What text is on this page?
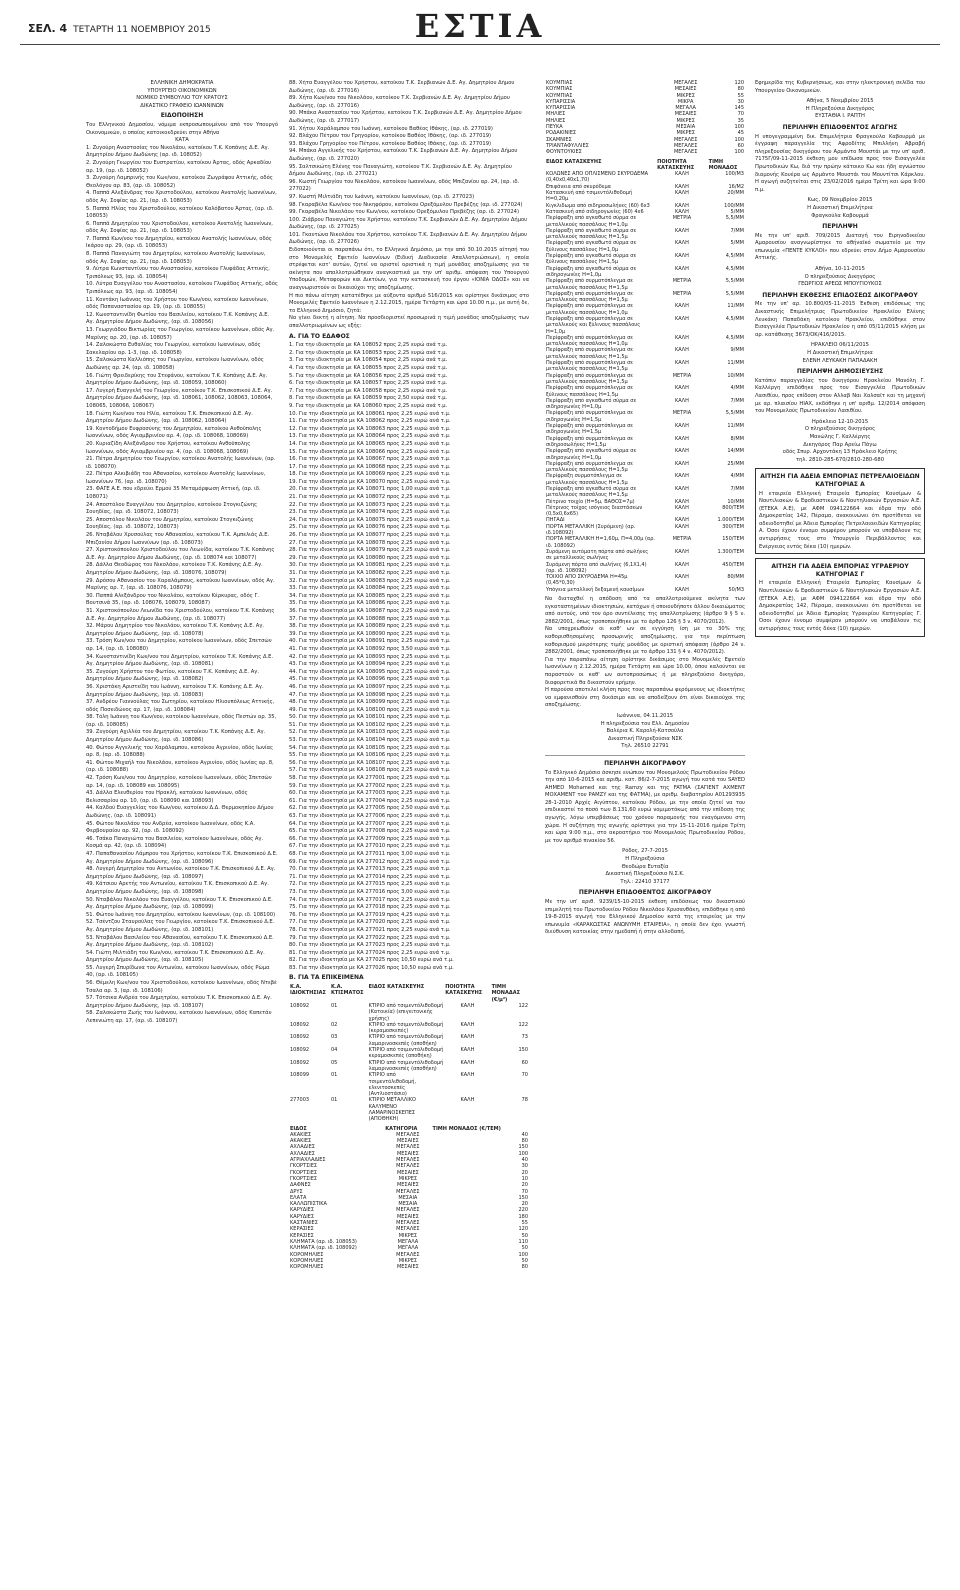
ΣΕΛ. 4 ΤΕΤΑΡΤΗ 11 ΝΟΕΜΒΡΙΟΥ 2015	ΕΣΤΙΑ
ΕΛΛΗΝΙΚΗ ΔΗΜΟΚΡΑΤΙΑ
ΥΠΟΥΡΓΕΙΟ ΟΙΚΟΝΟΜΙΚΩΝ
ΝΟΜΙΚΟ ΣΥΜΒΟΥΛΙΟ ΤΟΥ ΚΡΑΤΟΥΣ
ΔΙΚΑΣΤΙΚΟ ΓΡΑΦΕΙΟ ΙΩΑΝΝΙΝΩΝ
ΕΙΔΟΠΟΙΗΣΗ

Του Ελληνικού Δημοσίου, νόμιμα εκπροσωπουμένου από τον Υπουργό Οικονομικών, ο οποίος κατοικοεδρεύει στην Αθήνα

ΚΑΤΑ
1. Ζυγούρη Αναστασίας του Νικολάου, κατοίκου Τ.Κ. Κοπάνης Δ.Ε. Αγ. Δημητρίου Δήμου Δωδώνης (αρ. ιδ. 108052)
2. Ζυγούρη Γεωργίου του Ευστρατίου, κατοίκου Άρτας, οδός Αρκαδίου αρ. 19, (αρ. ιδ. 108052)
3. Ζυγούρη Λαμπρινής του Κων/νου, κατοίκου Ζωγράφου Αττικής, οδός Θεολόγου αρ. 83, (αρ. ιδ. 108052)
4. Παππά Αλεξάνδρας του Χριστοδούλου, κατοίκου Ανατολής Ιωαννίνων, οδός Αγ. Σοφίας αρ. 21, (αρ. ιδ. 108053)
5. Παππά Ηλίας του Χριστοδούλου, κατοίκου Καλόβατου Άρτας, (αρ. ιδ. 108053)
6. Παππά Δημητρίου του Χριστοδούλου, κατοίκου Ανατολής Ιωαννίνων, οδός Αγ. Σοφίας αρ. 21, (αρ. ιδ. 108053)
7. Παππά Κων/νου του Δημητρίου, κατοίκου Ανατολής Ιωαννίνων, οδός Ικάρου αρ. 29, (αρ. ιδ. 108053)
8. Παππά Παναγιώτη του Δημητρίου, κατοίκου Ανατολής Ιωαννίνων, οδός Αγ. Σοφίας αρ. 21, (αρ. ιδ. 108053)
9. Λύτρα Κωνσταντίνου του Αναστασίου, κατοίκου Γλυφάδας Αττικής, Τριπόλεως 93, (αρ. ιδ. 108054)
10. Λύτρα Ευαγγέλου του Αναστασίου, κατοίκου Γλυφάδας Αττικής, οδός Τριπόλεως αρ. 93, (αρ. ιδ. 108054)
11. Κοντάκη Ιωάννας του Χρήστου του Κων/νου, κατοίκου Ιωαννίνων, οδός Παπαναστασίου αρ. 19, (αρ. ιδ. 108055)
12. Κωνσταντινίδη Φωτίου του Βασιλείου, κατοίκου Τ.Κ. Κοπάνης Δ.Ε. Αγ. Δημητρίου Δήμου Δωδώνης, (αρ. ιδ. 108056)
13. Γεωργιάδου Βικτωρίας του Γεωργίου, κατοίκου Ιωαννίνων, οδός Αγ. Μαρίνης αρ. 20, (αρ. ιδ. 108057)
14. Ζαλοκώστα Ευθαλίας του Γεωργίου, κατοίκου Ιωαννίνων, οδός Σακελαρίου αρ. 1-3, (αρ. ιδ. 108058)
15. Ζαλοκώστα Καλλιόπης του Γεωργίου, κατοίκου Ιωαννίνων, οδός Δωδώνης αρ. 24, (αρ. ιδ. 108058)
16. Γιώτη Φρειδερίκης του Στεφάνου, κατοίκου Τ.Κ. Κοπάνης Δ.Ε. Αγ. Δημητρίου Δήμου Δωδώνης, (αρ. ιδ. 108059, 108060)
17. Λυγερή Ευαγγελή του Γεωργίου, κατοίκου Τ.Κ. Επισκοπικού Δ.Ε. Αγ. Δημητρίου Δήμου Δωδώνης, (αρ. ιδ. 108061, 108062, 108063, 108064, 108065, 108066, 108067)
18. Γιώτη Κων/νου του Ηλία, κατοίκου Τ.Κ. Επισκοπικού Δ.Ε. Αγ. Δημητρίου Δήμου Δωδώνης, (αρ. ιδ. 108062, 108064)
19. Κοντοδήμου Ευφροσύνης του Δημητρίου, κατοίκου Ανθοῦπολης Ιωαννίνων, οδός Αγιαμβρινίου αρ. 4, (αρ. ιδ. 108068, 108069)
20. Κυριαζίδη Αλεξάνδρου του Χρήστου, κατοίκου Ανθοῦπολης Ιωαννίνων, οδός Αγιαμβρινίου αρ. 4, (αρ. ιδ. 108068, 108069)
21. Πέτρα Δημητρίου του Γεωργίου, κατοίκου Ανατολής Ιωαννίνων, (αρ. ιδ. 108070)
22. Πέτρα Αλκιβιάδη του Αθανασίου, κατοίκου Ανατολής Ιωαννίνων, Ιωαννίνων 76, (αρ. ιδ. 108070)
23. ΦΑΓΕ Α.Ε. που εδρεύει Ερμού 35 Μεταμόρφωση Αττική, (αρ. ιδ. 108071)
24. Αποστόλου Ευαγγέλου του Δημητρίου, κατοίκου Στογκιζώνης Σουηδίας, (αρ. ιδ. 108072, 108073)
25. Αποστόλου Νικολάου του Δημητρίου, κατοίκου Στογκιζώνης Σουηδίας, (αρ. ιδ. 108072, 108073)
26. Νταβάλου Χρυσούλας του Αθανασίου, κατοίκου Τ.Κ. Αμπελιάς Δ.Ε. Μπιζανίου Δήμου Ιωαννίνων (αρ. ιδ. 108073)
27. Χριστοκόπουλου Χριστοδούλου του Λεωνίδα, κατοίκου Τ.Κ. Κοπάνης Δ.Ε. Αγ. Δημητρίου Δήμου Δωδώνης, (αρ. ιδ. 108074 και 108077)
28. Δάλλα Θεοδώρας του Νικολάου, κατοίκου Τ.Κ. Κοπάνης Δ.Ε. Αγ. Δημητρίου Δήμου Δωδώνης, (αρ. ιδ. 108076, 108079)
29. Δρόσου Αθανασίου του Χαραλάμπους, κατοίκου Ιωαννίνων, οδός Αγ. Μαρίνης αρ. 7, (αρ. ιδ. 108076, 108079)
30. Παππά Αλεξάνδρου του Νικολάου, κατοίκου Κέρκυρας, οδός Γ. Βουτσινά 35, (αρ. ιδ. 108076, 108079, 108087)
31. Χριστοκόπουλου Λεωνίδα του Χριστοδούλου, κατοίκου Τ.Κ. Κοπάνης Δ.Ε. Αγ. Δημητρίου Δήμου Δωδώνης, (αρ. ιδ. 108077)
32. Μάρου Δημητρίου του Νικολάου, κατοίκου Τ.Κ. Κοπάνης Δ.Ε. Αγ. Δημητρίου Δήμου Δωδώνης, (αρ. ιδ. 108078)
33. Τρόση Κων/νου του Δημητρίου, κατοίκου Ιωαννίνων, οδός Σπετσών αρ. 14, (αρ. ιδ. 108080)
34. Κωνσταντινίδη Κων/νου του Δημητρίου, κατοίκου Τ.Κ. Κοπάνης Δ.Ε. Αγ. Δημητρίου Δήμου Δωδώνης, (αρ. ιδ. 108081)
35. Ζυγούρη Χρήστου του Φωτίου, κατοίκου Τ.Κ. Κοπάνης Δ.Ε. Αγ. Δημητρίου Δήμου Δωδώνης, (αρ. ιδ. 108082)
36. Χριστάκη Αριστείδη του Ιωάννη, κατοίκου Τ.Κ. Κοπάνης Δ.Ε. Αγ. Δημητρίου Δήμου Δωδώνης, (αρ. ιδ. 108083)
37. Ανδρέου Γιαννούλας του Σωτηρίου, κατοίκου Ηλιουπόλεως Αττικής, οδός Ποσειδώνος αρ. 17, (αρ. ιδ. 108084)
38. Τόλη Ιωάννη του Κων/νου, κατοίκου Ιωαννίνων, οδός Πεστών αρ. 35, (αρ. ιδ. 108085)
39. Ζυγούρη Αχιλλέα του Δημητρίου, κατοίκου Τ.Κ. Κοπάνης Δ.Ε. Αγ. Δημητρίου Δήμου Δωδώνης, (αρ. ιδ. 108086)
40. Φώτου Αγγελικής του Χαράλαμπου, κατοίκου Αγρινίου, οδός Ιωνίας αρ. 8, (αρ. ιδ. 108088)
41. Φώτου Μιχαήλ του Νικολάου, κατοίκου Αγρινίου, οδός Ιωνίας αρ. 8, (αρ. ιδ. 108088)
42. Τρόση Κων/νου του Δημητρίου, κατοίκου Ιωαννίνων, οδός Σπετσών αρ. 14, (αρ. ιδ. 108089 και 108095)
43. Δάλλα Ελευθερίου του Ηρακλή, κατοίκου Ιωαννίνων, οδός Βελισσαρίου αρ. 10, (αρ. ιδ. 108090 και 108093)
44. Καλδού Ευαγγελίας του Κων/νου, κατοίκου Δ.Δ. Θερμοκηπίου Δήμου Δωδώνης, (αρ. ιδ. 108091)
45. Φώτου Νικολάου του Ανδρέα, κατοίκου Ιωαννίνων, οδός Κ.Α. Φερβουραίου αρ. 92, (αρ. ιδ. 108092)
46. Τσάκα Παναγιώτα του Βασιλείου, κατοίκου Ιωαννίνων, οδός Αγ. Κοσμά αρ. 42, (αρ. ιδ. 108094)
47. Παπαθανασίου Λάμπρου του Χρήστου, κατοίκου Τ.Κ. Επισκοπικού Δ.Ε. Αγ. Δημητρίου Δήμου Δωδώνης, (αρ. ιδ. 108096)
48. Λυγερή Δημητρίου του Αντωνίου, κατοίκου Τ.Κ. Επισκοπικού Δ.Ε. Αγ. Δημητρίου Δήμου Δωδώνης, (αρ. ιδ. 108097)
49. Κάτσιου Αρετής του Αντωνίου, κατοίκου Τ.Κ. Επισκοπικού Δ.Ε. Αγ. Δημητρίου Δήμου Δωδώνης, (αρ. ιδ. 108098)
50. Νταβάλου Νικολάου του Ευαγγέλου, κατοίκου Τ.Κ. Επισκοπικού Δ.Ε. Αγ. Δημητρίου Δήμου Δωδώνης, (αρ. ιδ. 108099)
51. Φώτου Ιωάννη του Δημητρίου, κατοίκου Ιωαννίνων, (αρ. ιδ. 108100)
52. Τσέντζου Σταυρούλας του Γεωργίου, κατοίκου Τ.Κ. Επισκοπικού Δ.Ε. Αγ. Δημητρίου Δήμου Δωδώνης, (αρ. ιδ. 108101)
53. Νταβάλου Βασιλείου του Αθανασίου, κατοίκου Τ.Κ. Επισκοπικού Δ.Ε. Αγ. Δημητρίου Δήμου Δωδώνης, (αρ. ιδ. 108102)
54. Γιώτη Μιλτιάδη του Κων/νου, κατοίκου Τ.Κ. Επισκοπικού Δ.Ε. Αγ. Δημητρίου Δήμου Δωδώνης, (αρ. ιδ. 108105)
55. Λυγερή Σπυρίδωνα του Αντωνίου, κατοίκου Ιωαννίνων, οδός Ρώμα 40, (αρ. ιδ. 108105)
56. Θέμελη Κων/νου του Χριστοδούλου, κατοίκου Ιωαννίνων, οδός Ντεβέ Τσαλα αρ. 3, (αρ. ιδ. 108106)
57. Τότσικα Ανδρέα του Δημητρίου, κατοίκου Τ.Κ. Επισκοπικού Δ.Ε. Αγ. Δημητρίου Δήμου Δωδώνης, (αρ. ιδ. 108107)
58. Ζαλοκώστα Ζωής του Ιωάννου, κατοίκου Ιωαννίνων, οδός Καπετάν Λεπενιώτη αρ. 17, (αρ. ιδ. 108107)
88. Χήτα Ευαγγέλου του Χρήστου, κατοίκου Τ.Κ. Σερβιανών Δ.Ε. Αγ. Δημητρίου Δήμου Δωδώνης, (αρ. ιδ. 277016)
89. Χήτα Κων/νου του Νικολάου, κατοίκου Τ.Κ. Σερβιανών Δ.Ε. Αγ. Δημητρίου Δήμου Δωδώνης, (αρ. ιδ. 277016)
90. Μπάκα Αναστασίου του Χρήστου, κατοίκου Τ.Κ. Σερβιανών Δ.Ε. Αγ. Δημητρίου Δήμου Δωδώνης, (αρ. ιδ. 277017)
91. Χήτου Χαράλαμπου του Ιωάννη, κατοίκου Βαθέος Ιθάκης, (αρ. ιδ. 277019)
92. Βλάχου Πέτρου του Γρηγορίου, κατοίκου Βαθέος Ιθάκης, (αρ. ιδ. 277019)
93. Βλάχου Γρηγορίου του Πέτρου, κατοίκου Βαθέος Ιθάκης, (αρ. ιδ. 277019)
94. Μπάκα Αγγελικής του Χρήστου, κατοίκου Τ.Κ. Σερβιανών Δ.Ε. Αγ. Δημητρίου Δήμου Δωδώνης, (αρ. ιδ. 277020)
95. Σαλτσικώτη Ελένης του Παναγιώτη, κατοίκου Τ.Κ. Σερβιανών Δ.Ε. Αγ. Δημητρίου Δήμου Δωδώνης, (αρ. ιδ. 277021)
96. Κωστή Γεωργίου του Νικολάου, κατοίκου Ιωαννίνων, οδός Μπιζανίου αρ. 24, (αρ. ιδ. 277022)
97. Κωστή Μιλτιάδη του Ιωάννη, κατοίκου Ιωαννίνων, (αρ. ιδ. 277023)
98. Γκαραβέλα Κων/νου του Νικηφόρου, κατοίκου Ορεξόμυλου Πρεβέζης (αρ. ιδ. 277024)
99. Γκαραβέλα Νικολάου του Κων/νου, κατοίκου Ορεξόμυλου Πρεβέζης (αρ. ιδ. 277024)
100. Ζιάβρου Παναγιώτη του Χρήστου, κατοίκου Τ.Κ. Σερβιανών Δ.Ε. Αγ. Δημητρίου Δήμου Δωδώνης, (αρ. ιδ. 277025)
101. Γκαντώνα Νικολάου του Χρήστου, κατοίκου Τ.Κ. Σερβιανών Δ.Ε. Αγ. Δημητρίου Δήμου Δωδώνης, (αρ. ιδ. 277026)

Ειδοποιούνται οι παραπάνω ότι, το Ελληνικό Δημόσιο, με την από 30.10.2015 αίτησή του στο Μονομελές Εφετείο Ιωαννίνων (Ειδική Διαδικασία Απαλλοτριώσεων), η οποία στρέφεται κατ' αυτών, ζητεί να οριστεί οριστικά η τιμή μονάδας αποζημίωσης για τα ακίνητα που απαλλοτριώθηκαν αναγκαστικά με την υπ' αριθμ. απόφαση του Υπουργού Υποδομών, Μεταφορών και Δικτύων, για την κατασκευή του έργου «ΙΟΝΙΑ ΟΔΟΣ» και να αναγνωριστούν οι δικαιούχοι της αποζημίωσης.

Η πιο πάνω αίτηση κατατέθηκε με αύξοντα αριθμό 516/2015 και ορίστηκε δικάσιμος στο Μονομελές Εφετείο Ιωαννίνων η 2.12.2015, ημέρα Τετάρτη και ώρα 10.00 π.μ., με αυτή δε, το Ελληνικό Δημόσιο, ζητά:

Να γίνει δεκτή η αίτηση. Να προσδιοριστεί προσωρινά η τιμή μονάδος αποζημίωσης των απαλλοτριωμένων ως εξής:

Α. ΓΙΑ ΤΟ ΕΔΑΦΟΣ
1. Για την ιδιοκτησία με ΚΑ 108052 προς 2,25 ευρώ ανά τ.μ.
2. Για την ιδιοκτησία με ΚΑ 108053 προς 2,25 ευρώ ανά τ.μ.
3. Για την ιδιοκτησία με ΚΑ 108054 προς 2,25 ευρώ ανά τ.μ.
4. Για την ιδιοκτησία με ΚΑ 108055 προς 2,25 ευρώ ανά τ.μ.
5. Για την ιδιοκτησία με ΚΑ 108056 προς 2,25 ευρώ ανά τ.μ.
6. Για την ιδιοκτησία με ΚΑ 108057 προς 2,25 ευρώ ανά τ.μ.
7. Για την ιδιοκτησία με ΚΑ 108058 προς 2,25 ευρώ ανά τ.μ.
8. Για την ιδιοκτησία με ΚΑ 108059 προς 2,50 ευρώ ανά τ.μ.
9. Για την ιδιοκτησία με ΚΑ 108060 προς 2,25 ευρώ ανά τ.μ.
10. Για την ιδιοκτησία με ΚΑ 108061 προς 2,25 ευρώ ανά τ.μ.
11. Για την ιδιοκτησία με ΚΑ 108062 προς 2,25 ευρώ ανά τ.μ.
12. Για την ιδιοκτησία με ΚΑ 108063 προς 2,25 ευρώ ανά τ.μ.
13. Για την ιδιοκτησία με ΚΑ 108064 προς 2,25 ευρώ ανά τ.μ.
14. Για την ιδιοκτησία με ΚΑ 108065 προς 2,25 ευρώ ανά τ.μ.
15. Για την ιδιοκτησία με ΚΑ 108066 προς 2,25 ευρώ ανά τ.μ.
16. Για την ιδιοκτησία με ΚΑ 108067 προς 2,25 ευρώ ανά τ.μ.
17. Για την ιδιοκτησία με ΚΑ 108068 προς 2,25 ευρώ ανά τ.μ.
18. Για την ιδιοκτησία με ΚΑ 108069 προς 2,25 ευρώ ανά τ.μ.
19. Για την ιδιοκτησία με ΚΑ 108070 προς 2,25 ευρώ ανά τ.μ.
20. Για την ιδιοκτησία με ΚΑ 108071 προς 1,00 ευρώ ανά τ.μ.
21. Για την ιδιοκτησία με ΚΑ 108072 προς 2,25 ευρώ ανά τ.μ.
22. Για την ιδιοκτησία με ΚΑ 108073 προς 2,25 ευρώ ανά τ.μ.
23. Για την ιδιοκτησία με ΚΑ 108074 προς 2,25 ευρώ ανά τ.μ.
24. Για την ιδιοκτησία με ΚΑ 108075 προς 2,25 ευρώ ανά τ.μ.
25. Για την ιδιοκτησία με ΚΑ 108076 προς 2,25 ευρώ ανά τ.μ.
26. Για την ιδιοκτησία με ΚΑ 108077 προς 2,25 ευρώ ανά τ.μ.
27. Για την ιδιοκτησία με ΚΑ 108078 προς 2,25 ευρώ ανά τ.μ.
28. Για την ιδιοκτησία με ΚΑ 108079 προς 2,25 ευρώ ανά τ.μ.
29. Για την ιδιοκτησία με ΚΑ 108080 προς 2,25 ευρώ ανά τ.μ.
30. Για την ιδιοκτησία με ΚΑ 108081 προς 2,25 ευρώ ανά τ.μ.
31. Για την ιδιοκτησία με ΚΑ 108082 προς 2,25 ευρώ ανά τ.μ.
32. Για την ιδιοκτησία με ΚΑ 108083 προς 2,25 ευρώ ανά τ.μ.
33. Για την ιδιοκτησία με ΚΑ 108084 προς 2,25 ευρώ ανά τ.μ.
34. Για την ιδιοκτησία με ΚΑ 108085 προς 2,25 ευρώ ανά τ.μ.
35. Για την ιδιοκτησία με ΚΑ 108086 προς 2,25 ευρώ ανά τ.μ.
36. Για την ιδιοκτησία με ΚΑ 108087 προς 2,25 ευρώ ανά τ.μ.
37. Για την ιδιοκτησία με ΚΑ 108088 προς 2,25 ευρώ ανά τ.μ.
38. Για την ιδιοκτησία με ΚΑ 108089 προς 2,25 ευρώ ανά τ.μ.
39. Για την ιδιοκτησία με ΚΑ 108090 προς 2,25 ευρώ ανά τ.μ.
40. Για την ιδιοκτησία με ΚΑ 108091 προς 2,25 ευρώ ανά τ.μ.
41. Για την ιδιοκτησία με ΚΑ 108092 προς 3,50 ευρώ ανά τ.μ.
42. Για την ιδιοκτησία με ΚΑ 108093 προς 2,25 ευρώ ανά τ.μ.
43. Για την ιδιοκτησία με ΚΑ 108094 προς 2,25 ευρώ ανά τ.μ.
44. Για την ιδιοκτησία με ΚΑ 108095 προς 2,25 ευρώ ανά τ.μ.
45. Για την ιδιοκτησία με ΚΑ 108096 προς 2,25 ευρώ ανά τ.μ.
46. Για την ιδιοκτησία με ΚΑ 108097 προς 2,25 ευρώ ανά τ.μ.
47. Για την ιδιοκτησία με ΚΑ 108098 προς 2,25 ευρώ ανά τ.μ.
48. Για την ιδιοκτησία με ΚΑ 108099 προς 2,25 ευρώ ανά τ.μ.
49. Για την ιδιοκτησία με ΚΑ 108100 προς 2,25 ευρώ ανά τ.μ.
50. Για την ιδιοκτησία με ΚΑ 108101 προς 2,25 ευρώ ανά τ.μ.
51. Για την ιδιοκτησία με ΚΑ 108102 προς 2,25 ευρώ ανά τ.μ.
52. Για την ιδιοκτησία με ΚΑ 108103 προς 2,25 ευρώ ανά τ.μ.
53. Για την ιδιοκτησία με ΚΑ 108104 προς 2,25 ευρώ ανά τ.μ.
54. Για την ιδιοκτησία με ΚΑ 108105 προς 2,25 ευρώ ανά τ.μ.
55. Για την ιδιοκτησία με ΚΑ 108106 προς 2,25 ευρώ ανά τ.μ.
56. Για την ιδιοκτησία με ΚΑ 108107 προς 2,25 ευρώ ανά τ.μ.
57. Για την ιδιοκτησία με ΚΑ 108108 προς 2,25 ευρώ ανά τ.μ.
58. Για την ιδιοκτησία με ΚΑ 277001 προς 2,25 ευρώ ανά τ.μ.
59. Για την ιδιοκτησία με ΚΑ 277002 προς 2,25 ευρώ ανά τ.μ.
60. Για την ιδιοκτησία με ΚΑ 277003 προς 2,25 ευρώ ανά τ.μ.
61. Για την ιδιοκτησία με ΚΑ 277004 προς 2,25 ευρώ ανά τ.μ.
62. Για την ιδιοκτησία με ΚΑ 277005 προς 2,50 ευρώ ανά τ.μ.
63. Για την ιδιοκτησία με ΚΑ 277006 προς 2,25 ευρώ ανά τ.μ.
64. Για την ιδιοκτησία με ΚΑ 277007 προς 2,25 ευρώ ανά τ.μ.
65. Για την ιδιοκτησία με ΚΑ 277008 προς 2,25 ευρώ ανά τ.μ.
66. Για την ιδιοκτησία με ΚΑ 277009 προς 2,25 ευρώ ανά τ.μ.
67. Για την ιδιοκτησία με ΚΑ 277010 προς 2,25 ευρώ ανά τ.μ.
68. Για την ιδιοκτησία με ΚΑ 277011 προς 3,00 ευρώ ανά τ.μ.
69. Για την ιδιοκτησία με ΚΑ 277012 προς 2,25 ευρώ ανά τ.μ.
70. Για την ιδιοκτησία με ΚΑ 277013 προς 2,25 ευρώ ανά τ.μ.
71. Για την ιδιοκτησία με ΚΑ 277014 προς 2,25 ευρώ ανά τ.μ.
72. Για την ιδιοκτησία με ΚΑ 277015 προς 2,25 ευρώ ανά τ.μ.
73. Για την ιδιοκτησία με ΚΑ 277016 προς 3,00 ευρώ ανά τ.μ.
74. Για την ιδιοκτησία με ΚΑ 277017 προς 2,25 ευρώ ανά τ.μ.
75. Για την ιδιοκτησία με ΚΑ 277018 προς 2,25 ευρώ ανά τ.μ.
76. Για την ιδιοκτησία με ΚΑ 277019 προς 4,25 ευρώ ανά τ.μ.
77. Για την ιδιοκτησία με ΚΑ 277020 προς 2,25 ευρώ ανά τ.μ.
78. Για την ιδιοκτησία με ΚΑ 277021 προς 2,25 ευρώ ανά τ.μ.
79. Για την ιδιοκτησία με ΚΑ 277022 προς 2,25 ευρώ ανά τ.μ.
80. Για την ιδιοκτησία με ΚΑ 277023 προς 2,25 ευρώ ανά τ.μ.
81. Για την ιδιοκτησία με ΚΑ 277024 προς 2,25 ευρώ ανά τ.μ.
82. Για την ιδιοκτησία με ΚΑ 277025 προς 10,50 ευρώ ανά τ.μ.
83. Για την ιδιοκτησία με ΚΑ 277026 προς 10,50 ευρώ ανά τ.μ.
Β. ΓΙΑ ΤΑ ΕΠΙΚΕΙΜΕΝΑ
Κ.Α. ΙΔΙΟΚΤΗΣΙΑΣ	Κ.Α. ΚΤΙΣΜΑΤΟΣ	ΕΙΔΟΣ ΚΑΤΑΣΚΕΥΗΣ	ΠΟΙΟΤΗΤΑ ΚΑΤΑΣΚΕΥΗΣ	ΤΙΜΗ ΜΟΝΑΔΑΣ (€/μ²)
108092	01	ΚΤΙΡΙΟ από τσιμεντόλιθοδομή (Κατοικία) (επιγειτονικής χρήσης)	ΚΑΛΗ	122
108092	02	ΚΤΙΡΙΟ από τσιμεντόλιθοδομή (κεραμοσκεπές)	ΚΑΛΗ	122
108092	03	ΚΤΙΡΙΟ από τσιμεντόλιθοδομή λαμαρινοσκεπές (αποθήκη)	ΚΑΛΗ	73
108092	04	ΚΤΙΡΙΟ από τσιμεντόλιθοδομή κεραμοσκεπές (αποθήκη)	ΚΑΛΗ	150
108092	05	ΚΤΙΡΙΟ από τσιμεντόλιθοδομή λαμαρινοσκεπές (αποθήκη)	ΚΑΛΗ	60
108099	01	ΚΤΙΡΙΟ από τσιμεντόλιθοδομή, ελενιτοσκεπές (Αντλιοστάσιο)	ΚΑΛΗ	70
277003	01	ΚΤΙΡΙΟ ΜΕΤΑΛΛΙΚΟ ΚΑΛΥΜΕΝΟ ΛΑΜΑΡΙΝΟΣΚΕΠΕΣ (ΑΠΟΘΗΚΗ)	ΚΑΛΗ	78
ΕΙΔΟΣ	ΚΑΤΗΓΟΡΙΑ	ΤΙΜΗ ΜΟΝΑΔΟΣ (€/ΤΕΜ)
ΑΚΑΚΙΕΣ	ΜΕΓΑΛΕΣ	40
ΑΚΑΚΙΕΣ	ΜΕΣΑΙΕΣ	80
ΑΧΛΑΔΙΕΣ	ΜΕΓΑΛΕΣ	150
ΑΧΛΑΔΙΕΣ	ΜΕΣΑΙΕΣ	100
ΑΓΡΙΑΧΛΑΔΙΕΣ	ΜΕΓΑΛΕΣ	40
ΓΚΟΡΤΣΙΕΣ	ΜΕΓΑΛΕΣ	30
ΓΚΟΡΤΣΙΕΣ	ΜΕΣΑΙΕΣ	20
ΓΚΟΡΤΣΙΕΣ	ΜΙΚΡΕΣ	10
ΔΑΦΝΕΣ	ΜΕΣΑΙΕΣ	20
ΔΡΥΣ	ΜΕΓΑΛΕΣ	70
ΕΛΑΤΑ	ΜΕΣΑΙΑ	150
ΚΑΛΛΩΠΙΣΤΙΚΑ	ΜΕΣΑΙΑ	20
ΚΑΡΥΔΙΕΣ	ΜΕΓΑΛΕΣ	220
ΚΑΡΥΔΙΕΣ	ΜΕΣΑΙΕΣ	180
ΚΑΣΤΑΝΙΕΣ	ΜΕΓΑΛΕΣ	55
ΚΕΡΑΣΙΕΣ	ΜΕΓΑΛΕΣ	120
ΚΕΡΑΣΙΕΣ	ΜΙΚΡΕΣ	50
ΚΛΗΜΑΤΑ (αρ. ιδ. 108053)	ΜΕΓΑΛΑ	110
ΚΛΗΜΑΤΑ (αρ. ιδ. 108092)	ΜΕΓΑΛΑ	50
ΚΟΡΟΜΗΛΙΕΣ	ΜΕΓΑΛΕΣ	100
ΚΟΡΟΜΗΛΙΕΣ	ΜΙΚΡΕΣ	50
ΚΟΡΟΜΗΛΙΕΣ	ΜΕΣΑΙΕΣ	80
ΚΟΥΜΠΙΑΣ	ΜΕΓΑΛΕΣ	120
ΚΟΥΜΠΙΑΣ	ΜΕΣΑΙΕΣ	80
ΚΟΥΜΠΙΑΣ	ΜΙΚΡΕΣ	55
ΚΥΠΑΡΙΣΣΙΑ	ΜΙΚΡΑ	30
ΚΥΠΑΡΙΣΣΙΑ	ΜΕΓΑΛΑ	145
ΜΗΛΙΕΣ	ΜΕΣΑΙΕΣ	70
ΜΗΛΙΕΣ	ΜΙΚΡΕΣ	35
ΠΕΥΚΑ	ΜΕΣΑΙΑ	100
ΡΟΔΑΚΙΝΙΕΣ	ΜΙΚΡΕΣ	45
ΣΚΑΜΝΙΕΣ	ΜΕΓΑΛΕΣ	100
ΤΡΙΑΝΤΑΦΥΛΛΙΕΣ	ΜΕΓΑΛΕΣ	60
ΦΟΥΝΤΟΥΚΙΕΣ	ΜΕΓΑΛΕΣ	100
ΕΙΔΟΣ ΚΑΤΑΣΚΕΥΗΣ	ΠΟΙΟΤΗΤΑ ΚΑΤΑΣΚΕΥΗΣ	ΤΙΜΗ ΜΟΝΑΔΟΣ
ΚΟΛΩΝΕΣ ΑΠΟ ΟΠΛΙΣΜΕΝΟ ΣΚΥΡΟΔΕΜΑ (0,40x0,40x1,70)	ΚΑΛΗ	100/Μ3
Επιφάνεια από σκυρόδεμα	ΚΑΛΗ	16/Μ2
Κατασκευή από τσιμεντόλιθοδομή Η=0,20μ	ΚΑΛΗ	20/ΜΜ
Κιγκλιδωμα από σιδηροσωλήνες (60) 6x3	ΚΑΛΗ	100/ΜΜ
Κατασκευή από σιδηρογωνίες (60) 4x6	ΚΑΛΗ	5/ΜΜ
Περίφραξη από αγκαθωτό σύρμα σε μεταλλικούς πασσάλους Η=1,0μ	ΜΕΤΡΙΑ	5,5/ΜΜ
Περίφραξη από αγκαθωτό σύρμα σε μεταλλικούς πασσάλους Η=1,5μ	ΚΑΛΗ	7/ΜΜ
Περίφραξη από αγκαθωτό σύρμα σε ξύλινους πασσάλους Η=1,0μ	ΚΑΛΗ	5/ΜΜ
Περίφραξη από αγκαθωτό σύρμα σε ξύλινους πασσάλους Η=1,5μ	ΚΑΛΗ	4,5/ΜΜ
Περίφραξη από αγκαθωτό σύρμα σε σιδηρογωνίες Η=1,0μ	ΚΑΛΗ	4,5/ΜΜ
Περίφραξη από συρματόπλεγμα σε μεταλλικούς πασσάλους Η=1,5μ	ΜΕΤΡΙΑ	5,5/ΜΜ
Περίφραξη από συρματόπλεγμα σε μεταλλικούς πασσάλους Η=1,5μ	ΜΕΤΡΙΑ	5,5/ΜΜ
Περίφραξη από συρματόπλεγμα σε μεταλλικούς πασσάλους Η=1,0μ	ΚΑΛΗ	11/ΜΜ
Περίφραξη από συρματόπλεγμα σε μεταλλικούς και ξύλινους πασσάλους Η=1,0μ	ΚΑΛΗ	4,5/ΜΜ
Περίφραξη από συρματόπλεγμα σε μεταλλικούς πασσάλους Η=1,0μ	ΚΑΛΗ	4,5/ΜΜ
Περίφραξη από συρματόπλεγμα σε μεταλλικούς πασσάλους Η=1,5μ	ΚΑΛΗ	9/ΜΜ
Περίφραξη από συρματόπλεγμα σε μεταλλικούς πασσάλους Η=1,5μ	ΚΑΛΗ	11/ΜΜ
Περίφραξη από συρματόπλεγμα σε μεταλλικούς πασσάλους Η=1,5μ	ΜΕΤΡΙΑ	10/ΜΜ
Περίφραξη από συρματόπλεγμα σε ξύλινους πασσάλους Η=1,5μ	ΚΑΛΗ	4/ΜΜ
Περίφραξη από αγκαθωτό σύρμα σε σιδηρογωνίες Η=1,0μ	ΚΑΛΗ	7/ΜΜ
Περίφραξη από συρματόπλεγμα σε σιδηρογωνίες Η=1,5μ	ΜΕΤΡΙΑ	5,5/ΜΜ
Περίφραξη από συρματόπλεγμα σε σιδηρογωνίες Η=1,5μ	ΚΑΛΗ	11/ΜΜ
Περίφραξη από συρματόπλεγμα σε σιδηροσωλήνες Η=1,5μ	ΚΑΛΗ	8/ΜΜ
Περίφραξη από αγκαθωτό σύρμα σε σιδηρογωνίες Η=1,0μ	ΚΑΛΗ	14/ΜΜ
Περίφραξη από συρματόπλεγμα σε μεταλλικούς πασσάλους Η=1,5μ	ΚΑΛΗ	25/ΜΜ
Περίφραξη συρματόπλεγμα σε μεταλλικούς πασσάλους Η=1,5μ	ΚΑΛΗ	4/ΜΜ
Περίφραξη από αγκαθωτό σύρμα σε μεταλλικούς πασσάλους Η=1,5μ	ΚΑΛΗ	7/ΜΜ
Πέτρινο τοιχίο (Η=5μ, ΒΑΘΟΣ=7μ)	ΚΑΛΗ	10/ΜΜ
Πέτρινος τοίχος ισόγειος διαστάσεων (0,5x0,6x65)	ΚΑΛΗ	800/ΤΕΜ
ΠΗΓΑΔΙ	ΚΑΛΗ	1.000/ΤΕΜ
ΠΟΡΤΑ ΜΕΤΑΛΛΙΚΗ (Συρόμενη) (αρ. ιδ.108092)	ΚΑΛΗ	300/ΤΕΜ
ΠΟΡΤΑ ΜΕΤΑΛΛΙΚΗ Η=1,60μ, Π=4,00μ (αρ. ιδ. 108092)	ΜΕΤΡΙΑ	150/ΤΕΜ
Συρόμενη αυτόματη πόρτα από σωλήνες σε μεταλλικούς σωλήνες	ΚΑΛΗ	1.300/ΤΕΜ
Συρόμενη πόρτα από σωλήνες (6,1X1,4) (αρ. ιδ. 108092)	ΚΑΛΗ	450/ΤΕΜ
ΤΟΙΧΙΟ ΑΠΟ ΣΚΥΡΟΔΕΜΑ Η=45μ (0,45*0,30)	ΚΑΛΗ	80/ΜΜ
Υπόγεια μεταλλική δεξαμενή καυσίμων	ΚΑΛΗ	50/Μ3

Να διαταχθεί η απόδοση από τα απαλλοτριούμενα ακίνητα των εγκαταστημένων ιδιοκτησιών, κατόχων ή οποιουδήποτε άλλου δικαιώματος από αυτούς, υπό τον όρο συντέλεσης της απαλλοτρίωσης (άρθρο 9 § 5 ν. 2882/2001, όπως τροποποιήθηκε με το άρθρο 126 § 3 ν. 4070/2012).

Να υποχρεωθούν οι καθ' ων σε εγγύηση ίση με το 30% της καθορισθησομένης προσωρινής αποζημίωσης, για την περίπτωση καθορισμού μικρότερης τιμής μονάδος με οριστική απόφαση (άρθρο 24 ν. 2882/2001, όπως τροποποιήθηκε με το άρθρο 131 § 4 ν. 4070/2012).

Για την παραπάνω αίτηση ορίστηκε δικάσιμος στο Μονομελές Εφετείο Ιωαννίνων η 2.12.2015, ημέρα Τετάρτη και ώρα 10.00, όπου καλούνται να παραστούν οι καθ' ων αυτοπροσώπως ή με πληρεξούσιο δικηγόρο, διαφορετικά θα δικαστούν ερήμην.

Η παρούσα αποτελεί κλήση προς τους παραπάνω φερόμενους ως ιδιοκτήτες να εμφανισθούν στη δικάσιμο και να αποδείξουν ότι είναι δικαιούχοι της αποζημίωσης.

Ιωάννινα, 04.11.2015
Η πληρεξούσια του Ελλ. Δημοσίου
Βαλέρια Κ. Καρολή-Κατσούλα
Δικαστική Πληρεξούσια ΝΣΚ
Τηλ. 26510 22791
ΠΕΡΙΛΗΨΗ ΔΙΚΟΓΡΑΦΟΥ

Το Ελληνικό Δημόσιο άσκησε ενώπιον του Μονομελούς Πρωτοδικείου Ρόδου την από 10-6-2015 και αριθμ. κατ. 86/2-7-2015 αγωγή του κατά του SAYED AHMED Mohamed και της Ramzy και της FATMA (ΣΑΓΙΕΝΤ ΑΧΜΕΝΤ ΜΟΧΑΜΕΝΤ του ΡΑΜΖΥ και της ΦΑΤΜΑ), με αριθμ. διαβατηρίου A01293935 28-1-2010 Αρχές Αιγύπτου, κατοίκου Ρόδου, με την οποία ζητεί να του επιδικαστεί το ποσό των 8.131,60 ευρώ νομιμοτόκως από την επίδοση της αγωγής, λόγω υπερβάσεως του χρόνου παραμονής του εναγόμενου στη χώρα. Η συζήτηση της αγωγής ορίστηκε για την 15-11-2016 ημέρα Τρίτη και ώρα 9:00 π.μ., στο ακροατήριο του Μονομελούς Πρωτοδικείου Ρόδου, με τον αριθμό πινακίου 56.

Ρόδος, 27-7-2015
Η Πληρεξούσια
Θεοδώρα Ευταξία
Δικαστική Πληρεξούσια Ν.Σ.Κ.
Τηλ.: 22410 37177
ΠΕΡΙΛΗΨΗ ΕΠΙΔΟΘΕΝΤΟΣ ΔΙΚΟΓΡΑΦΟΥ

Με την υπ' αριθ. 9239/15-10-2015 έκθεση επιδόσεως του δικαστικού επιμελητή του Πρωτοδικείου Ρόδου Νικολάου Χρυσανθάκη, επιδόθηκε η από 19-8-2015 αγωγή του Ελληνικού Δημοσίου κατά της εταιρείας με την επωνυμία «ΚΑΡΑΚΩΣΤΑΣ ΑΝΩΝΥΜΗ ΕΤΑΙΡΕΙΑ», η οποία δεν έχει γνωστή διεύθυνση κατοικίας στην ημεδαπή ή στην αλλοδαπή.

Εφημερίδα της Κυβερνήσεως, και στην ηλεκτρονική σελίδα του Υπουργείου Οικονομικών.

Αθήνα, 5 Νοεμβρίου 2015
Η Πληρεξούσια Δικηγόρος
ΕΥΣΤΑΘΙΑ Ι. ΡΑΠΤΗ
ΠΕΡΙΛΗΨΗ ΕΠΙΔΟΘΕΝΤΟΣ ΑΓΩΓΗΣ

Η υπογεγραμμένη δικ. Επιμελήτρια Φραγκούλα Καβουρμά με έγγραφη παραγγελία της Αφροδίτης Μπιλλήνη Αβραβή πληρεξουσίας δικηγόρου του Αρμάντο Μουστάι με την υπ' αριθ. 7175Γ/09-11-2015 έκθεση μου επίδωσα προς τον Εισαγγελέα Πρωτοδικών Κω, διά την πρώην κάτοικο Κω και ήδη αγνώστου διαμονής Κουέρα ως Αρμάντο Μουστάι του Μουντίτσι Κάρκλου. Η αγωγή συζητείται στις 23/02/2016 ημέρα Τρίτη και ώρα 9:00 π.μ.

Κως, 09 Νοεμβρίου 2015
Η Δικαστική Επιμελήτρια
Φραγκούλα Καβουρμά
ΠΕΡΙΛΗΨΗ

Με την υπ' αριθ. 709/2015 Διαταγή του Ειρηνοδικείου Αμαρουσίου αναγνωρίστηκε το αθήναϊκό σωματείο με την επωνυμία «ΠΕΝΤΕ ΚΥΚΛΟΙ» που εδρεύει στον Δήμο Αμαρουσίου Αττικής.

Αθήνα, 10-11-2015
Ο πληρεξούσιος Δικηγόρος
ΓΕΩΡΓΙΟΣ ΑΡΕΩΣ ΜΠΟΥΓΙΟΥΚΟΣ
ΠΕΡΙΛΗΨΗ ΕΚΘΕΣΗΣ ΕΠΙΔΟΣΕΩΣ ΔΙΚΟΓΡΑΦΟΥ

Με την υπ' αρ. 10.800/05-11-2015 Έκθεση επιδόσεως της Δικαστικής Επιμελήτριας Πρωτοδικείου Ηρακλείου Ελένης Λευκάκη Παπαδάκη κατοίκου Ηρακλείου, επιδόθηκε στον Εισαγγελέα Πρωτοδικών Ηρακλείου η από 05/11/2015 κλήση με αρ. κατάθεσης 3673/ΟΚ/416/2015.

ΗΡΑΚΛΕΙΟ 06/11/2015
Η Δικαστική Επιμελήτρια
ΕΛΕΝΗ ΛΕΥΚΑΚΗ ΠΑΠΑΔΑΚΗ
ΠΕΡΙΛΗΨΗ ΔΗΜΟΣΙΕΥΣΗΣ

Κατόπιν παραγγελίας του δικηγόρου Ηρακλείου Μανόλη Γ. Καλλέργη επιδόθηκε προς τον Εισαγγελέα Πρωτοδικών Λασιθίου, προς επίδοση στον Αλλαβ Ναι Χαλσαϊτ και τη μηχανή με αρ. πλαισίου ΗΙΑΧ, εκδόθηκε η υπ' αριθμ. 12/2014 απόφαση του Μονομελούς Πρωτοδικείου Λασιθίου.

Ηράκλειο 12-10-2015
Ο πληρεξούσιος δικηγόρος
Μανώλης Γ. Καλλέργης
Δικηγόρος Παρ Αρείω Πάγω
οδός Σπυρ. Αρχοντάκη 13 Ηράκλειο Κρήτης
τηλ. 2810-285-670/2810-280-680
ΑΙΤΗΣΗ ΓΙΑ ΑΔΕΙΑ ΕΜΠΟΡΙΑΣ ΠΕΤΡΕΛΑΙΟΕΙΔΩΝ ΚΑΤΗΓΟΡΙΑΣ Α

Η εταιρεία Ελληνική Εταιρεία Εμπορίας Καυσίμων & Ναυτιλιακών & Εφοδιαστικών & Ναυτηλιακών Εργασιών Α.Ε. (ΕΤΕΚΑ Α.Ε), με ΑΦΜ 094122664 και έδρα την οδό Δημοκρατίας 142, Πέραμα, ανακοινώνει ότι προτίθεται να αδειοδοτηθεί με Άδεια Εμπορίας Πετρελαιοειδών Κατηγορίας Α. Όσοι έχουν έννομο συμφέρον μπορούν να υποβάλουν τις αντιρρήσεις τους στο Υπουργείο Περιβάλλοντος και Ενέργειας εντός δέκα (10) ημερών.

ΑΙΤΗΣΗ ΓΙΑ ΑΔΕΙΑ ΕΜΠΟΡΙΑΣ ΥΓΡΑΕΡΙΟΥ ΚΑΤΗΓΟΡΙΑΣ Γ

Η εταιρεία Ελληνική Εταιρεία Εμπορίας Καυσίμων & Ναυτιλιακών & Εφοδιαστικών & Ναυτηλιακών Εργασιών Α.Ε. (ΕΤΕΚΑ Α.Ε), με ΑΦΜ 094122664 και έδρα την οδό Δημοκρατίας 142, Πέραμα, ανακοινώνει ότι προτίθεται να αδειοδοτηθεί με Άδεια Εμπορίας Υγραερίου Κατηγορίας Γ. Όσοι έχουν έννομο συμφέρον μπορούν να υποβάλουν τις αντιρρήσεις τους εντός δέκα (10) ημερών.
